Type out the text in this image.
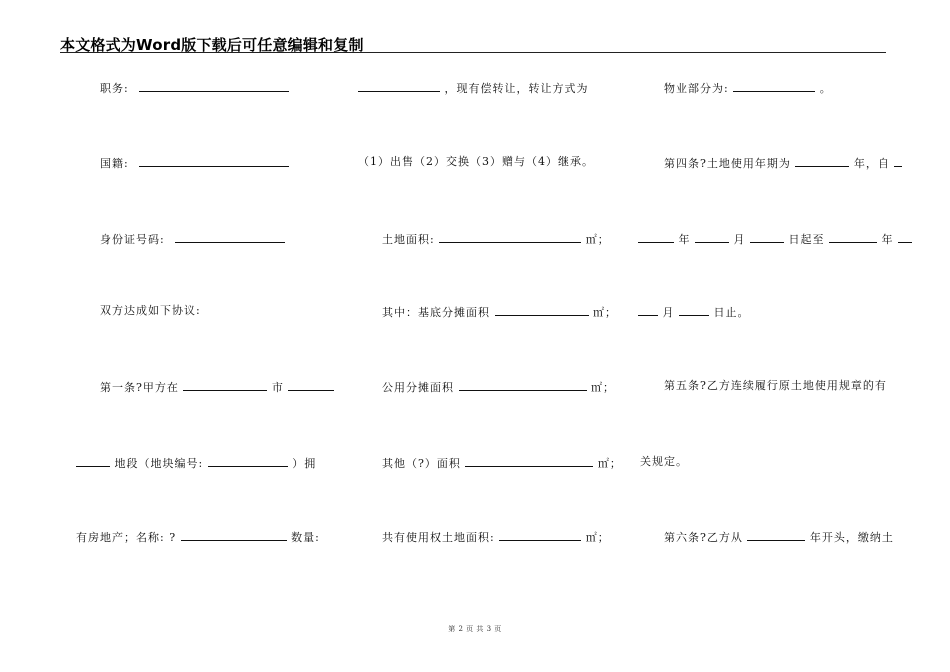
本文格式为Word版下载后可任意编辑和复制
职务:
国籍:
身份证号码:
双方达成如下协议:
第一条?甲方在	市
地段（地块编号:	）拥
有房地产；名称: ?	数量:
，现有偿转让，转让方式为
（1）出售（2）交换（3）赠与（4）继承。
土地面积:	㎡；
其中：基底分摊面积	㎡；
公用分摊面积	㎡；
其他（?）面积	㎡；
共有使用权土地面积:	㎡；
物业部分为:	。
第四条?土地使用年期为	年，自
年	月	日起至	年
月	日止。
第五条?乙方连续履行原土地使用规章的有
关规定。
第六条?乙方从	年开头，缴纳土
第 2 页 共 3 页
